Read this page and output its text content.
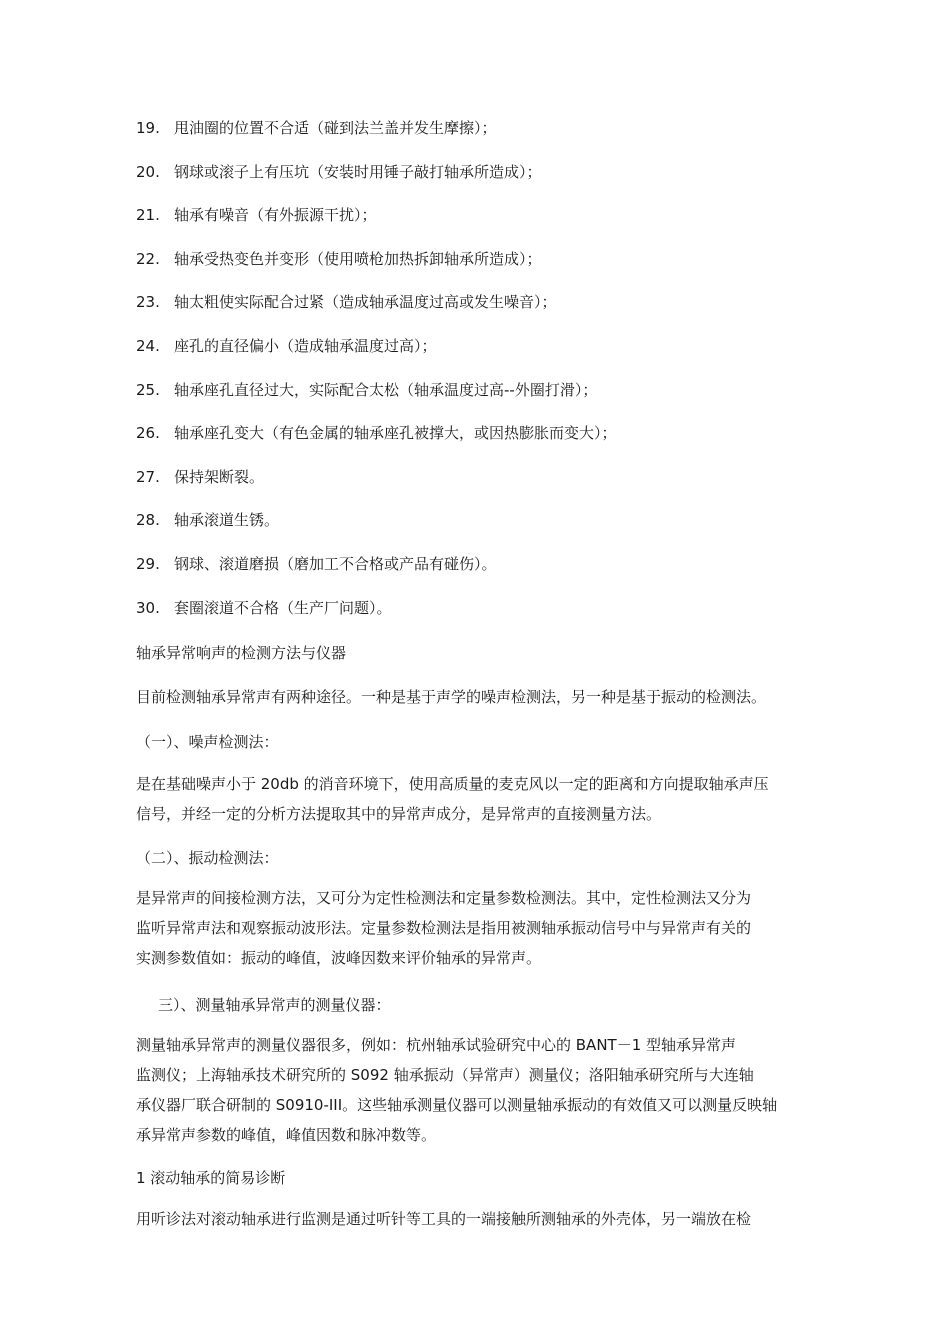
19. 甩油圈的位置不合适（碰到法兰盖并发生摩擦）；
20. 钢球或滚子上有压坑（安装时用锤子敲打轴承所造成）；
21. 轴承有噪音（有外振源干扰）；
22. 轴承受热变色并变形（使用喷枪加热拆卸轴承所造成）；
23. 轴太粗使实际配合过紧（造成轴承温度过高或发生噪音）；
24. 座孔的直径偏小（造成轴承温度过高）；
25. 轴承座孔直径过大，实际配合太松（轴承温度过高--外圈打滑）；
26. 轴承座孔变大（有色金属的轴承座孔被撑大，或因热膨胀而变大）；
27. 保持架断裂。
28. 轴承滚道生锈。
29. 钢球、滚道磨损（磨加工不合格或产品有碰伤）。
30. 套圈滚道不合格（生产厂问题）。
轴承异常响声的检测方法与仪器
目前检测轴承异常声有两种途径。一种是基于声学的噪声检测法，另一种是基于振动的检测法。
（一）、噪声检测法：
是在基础噪声小于 20db 的消音环境下，使用高质量的麦克风以一定的距离和方向提取轴承声压
信号，并经一定的分析方法提取其中的异常声成分，是异常声的直接测量方法。
（二）、振动检测法：
是异常声的间接检测方法，又可分为定性检测法和定量参数检测法。其中，定性检测法又分为
监听异常声法和观察振动波形法。定量参数检测法是指用被测轴承振动信号中与异常声有关的
实测参数值如：振动的峰值，波峰因数来评价轴承的异常声。
三）、测量轴承异常声的测量仪器：
测量轴承异常声的测量仪器很多，例如：杭州轴承试验研究中心的 BANT－1 型轴承异常声
监测仪；上海轴承技术研究所的 S092 轴承振动（异常声）测量仪；洛阳轴承研究所与大连轴
承仪器厂联合研制的 S0910-III。这些轴承测量仪器可以测量轴承振动的有效值又可以测量反映轴
承异常声参数的峰值，峰值因数和脉冲数等。
1 滚动轴承的简易诊断
用听诊法对滚动轴承进行监测是通过听针等工具的一端接触所测轴承的外壳体，另一端放在检
